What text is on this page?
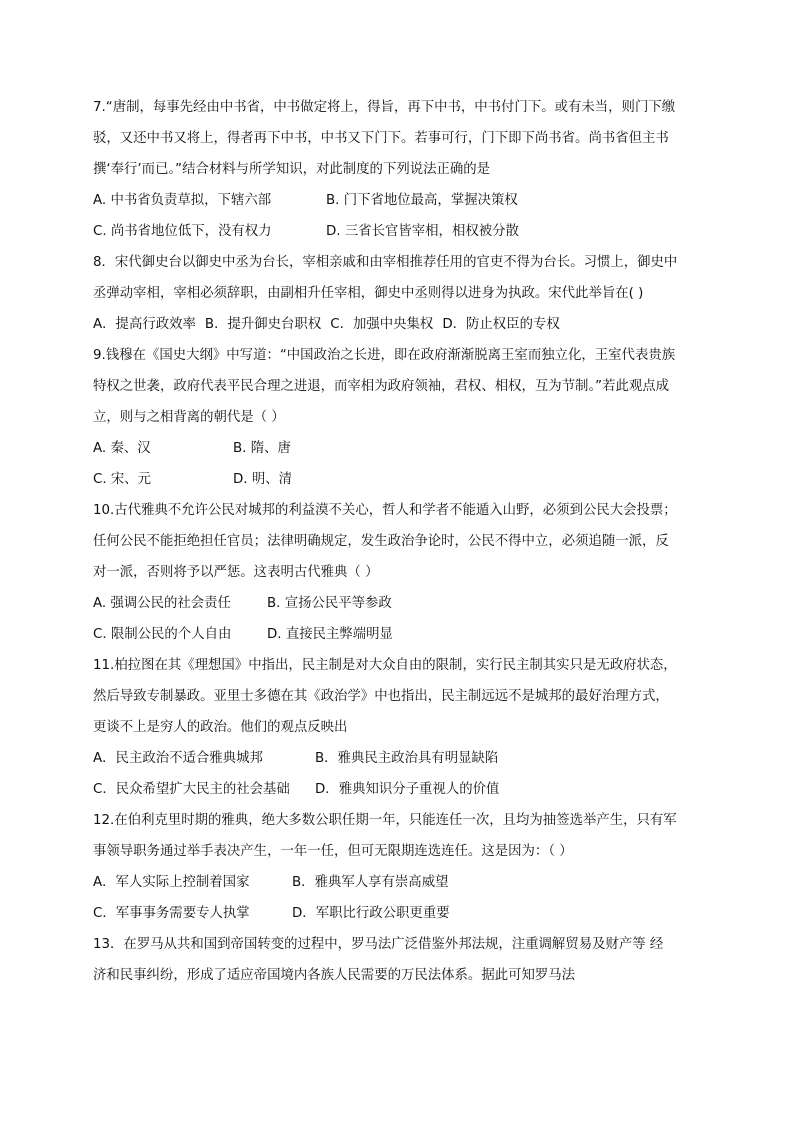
7.“唐制，每事先经由中书省，中书做定将上，得旨，再下中书，中书付门下。或有未当，则门下缴
驳，又还中书又将上，得者再下中书，中书又下门下。若事可行，门下即下尚书省。尚书省但主书
撰‘奉行’而已。”结合材料与所学知识，对此制度的下列说法正确的是
A. 中书省负责草拟，下辖六部	B. 门下省地位最高，掌握决策权
C. 尚书省地位低下，没有权力	D. 三省长官皆宰相，相权被分散
8．宋代御史台以御史中丞为台长，宰相亲戚和由宰相推荐任用的官吏不得为台长。习惯上，御史中
丞弹动宰相，宰相必须辞职，由副相升任宰相，御史中丞则得以进身为执政。宋代此举旨在( )
A．提高行政效率 B．提升御史台职权 C．加强中央集权 D．防止权臣的专权
9.钱穆在《国史大纲》中写道：“中国政治之长进，即在政府渐渐脱离王室而独立化，王室代表贵族
特权之世袭，政府代表平民合理之进退，而宰相为政府领袖，君权、相权，互为节制。”若此观点成
立，则与之相背离的朝代是（ ）
A. 秦、汉	B. 隋、唐
C. 宋、元	D. 明、清
10.古代雅典不允许公民对城邦的利益漠不关心，哲人和学者不能遁入山野，必须到公民大会投票；
任何公民不能拒绝担任官员；法律明确规定，发生政治争论时，公民不得中立，必须追随一派，反
对一派，否则将予以严惩。这表明古代雅典（ ）
A. 强调公民的社会责任	B. 宣扬公民平等参政
C. 限制公民的个人自由	D. 直接民主弊端明显
11.柏拉图在其《理想国》中指出，民主制是对大众自由的限制，实行民主制其实只是无政府状态，
然后导致专制暴政。亚里士多德在其《政治学》中也指出，民主制远远不是城邦的最好治理方式，
更谈不上是穷人的政治。他们的观点反映出
A．民主政治不适合雅典城邦	B．雅典民主政治具有明显缺陷
C．民众希望扩大民主的社会基础	D．雅典知识分子重视人的价值
12.在伯利克里时期的雅典，绝大多数公职任期一年，只能连任一次，且均为抽签选举产生，只有军
事领导职务通过举手表决产生，一年一任，但可无限期连选连任。这是因为：（ ）
A．军人实际上控制着国家	B．雅典军人享有崇高威望
C．军事事务需要专人执掌	D．军职比行政公职更重要
13．在罗马从共和国到帝国转变的过程中，罗马法广泛借鉴外邦法规，注重调解贸易及财产等 经
济和民事纠纷，形成了适应帝国境内各族人民需要的万民法体系。据此可知罗马法
